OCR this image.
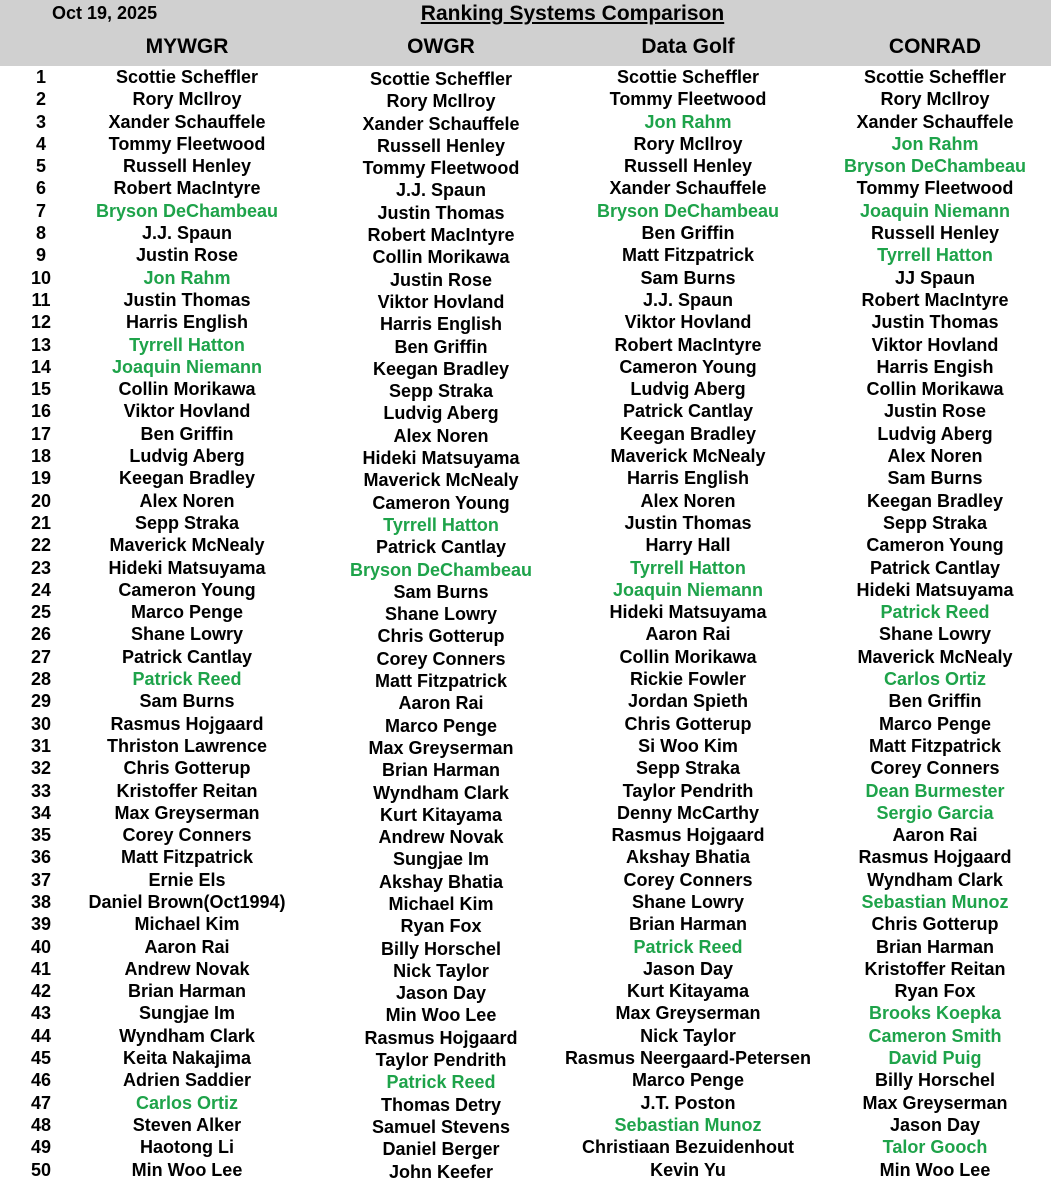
Oct 19, 2025	Ranking Systems Comparison
MYWGR	OWGR	Data Golf	CONRAD
1	Scottie Scheffler	Scottie Scheffler	Scottie Scheffler	Scottie Scheffler
2	Rory McIlroy	Rory McIlroy	Tommy Fleetwood	Rory McIlroy
3	Xander Schauffele	Xander Schauffele	Jon Rahm	Xander Schauffele
4	Tommy Fleetwood	Russell Henley	Rory McIlroy	Jon Rahm
5	Russell Henley	Tommy Fleetwood	Russell Henley	Bryson DeChambeau
6	Robert MacIntyre	J.J. Spaun	Xander Schauffele	Tommy Fleetwood
7	Bryson DeChambeau	Justin Thomas	Bryson DeChambeau	Joaquin Niemann
8	J.J. Spaun	Robert MacIntyre	Ben Griffin	Russell Henley
9	Justin Rose	Collin Morikawa	Matt Fitzpatrick	Tyrrell Hatton
10	Jon Rahm	Justin Rose	Sam Burns	JJ Spaun
11	Justin Thomas	Viktor Hovland	J.J. Spaun	Robert MacIntyre
12	Harris English	Harris English	Viktor Hovland	Justin Thomas
13	Tyrrell Hatton	Ben Griffin	Robert MacIntyre	Viktor Hovland
14	Joaquin Niemann	Keegan Bradley	Cameron Young	Harris Engish
15	Collin Morikawa	Sepp Straka	Ludvig Aberg	Collin Morikawa
16	Viktor Hovland	Ludvig Aberg	Patrick Cantlay	Justin Rose
17	Ben Griffin	Alex Noren	Keegan Bradley	Ludvig Aberg
18	Ludvig Aberg	Hideki Matsuyama	Maverick McNealy	Alex Noren
19	Keegan Bradley	Maverick McNealy	Harris English	Sam Burns
20	Alex Noren	Cameron Young	Alex Noren	Keegan Bradley
21	Sepp Straka	Tyrrell Hatton	Justin Thomas	Sepp Straka
22	Maverick McNealy	Patrick Cantlay	Harry Hall	Cameron Young
23	Hideki Matsuyama	Bryson DeChambeau	Tyrrell Hatton	Patrick Cantlay
24	Cameron Young	Sam Burns	Joaquin Niemann	Hideki Matsuyama
25	Marco Penge	Shane Lowry	Hideki Matsuyama	Patrick Reed
26	Shane Lowry	Chris Gotterup	Aaron Rai	Shane Lowry
27	Patrick Cantlay	Corey Conners	Collin Morikawa	Maverick McNealy
28	Patrick Reed	Matt Fitzpatrick	Rickie Fowler	Carlos Ortiz
29	Sam Burns	Aaron Rai	Jordan Spieth	Ben Griffin
30	Rasmus Hojgaard	Marco Penge	Chris Gotterup	Marco Penge
31	Thriston Lawrence	Max Greyserman	Si Woo Kim	Matt Fitzpatrick
32	Chris Gotterup	Brian Harman	Sepp Straka	Corey Conners
33	Kristoffer Reitan	Wyndham Clark	Taylor Pendrith	Dean Burmester
34	Max Greyserman	Kurt Kitayama	Denny McCarthy	Sergio Garcia
35	Corey Conners	Andrew Novak	Rasmus Hojgaard	Aaron Rai
36	Matt Fitzpatrick	Sungjae Im	Akshay Bhatia	Rasmus Hojgaard
37	Ernie Els	Akshay Bhatia	Corey Conners	Wyndham Clark
38	Daniel Brown(Oct1994)	Michael Kim	Shane Lowry	Sebastian Munoz
39	Michael Kim	Ryan Fox	Brian Harman	Chris Gotterup
40	Aaron Rai	Billy Horschel	Patrick Reed	Brian Harman
41	Andrew Novak	Nick Taylor	Jason Day	Kristoffer Reitan
42	Brian Harman	Jason Day	Kurt Kitayama	Ryan Fox
43	Sungjae Im	Min Woo Lee	Max Greyserman	Brooks Koepka
44	Wyndham Clark	Rasmus Hojgaard	Nick Taylor	Cameron Smith
45	Keita Nakajima	Taylor Pendrith	Rasmus Neergaard-Petersen	David Puig
46	Adrien Saddier	Patrick Reed	Marco Penge	Billy Horschel
47	Carlos Ortiz	Thomas Detry	J.T. Poston	Max Greyserman
48	Steven Alker	Samuel Stevens	Sebastian Munoz	Jason Day
49	Haotong Li	Daniel Berger	Christiaan Bezuidenhout	Talor Gooch
50	Min Woo Lee	John Keefer	Kevin Yu	Min Woo Lee
